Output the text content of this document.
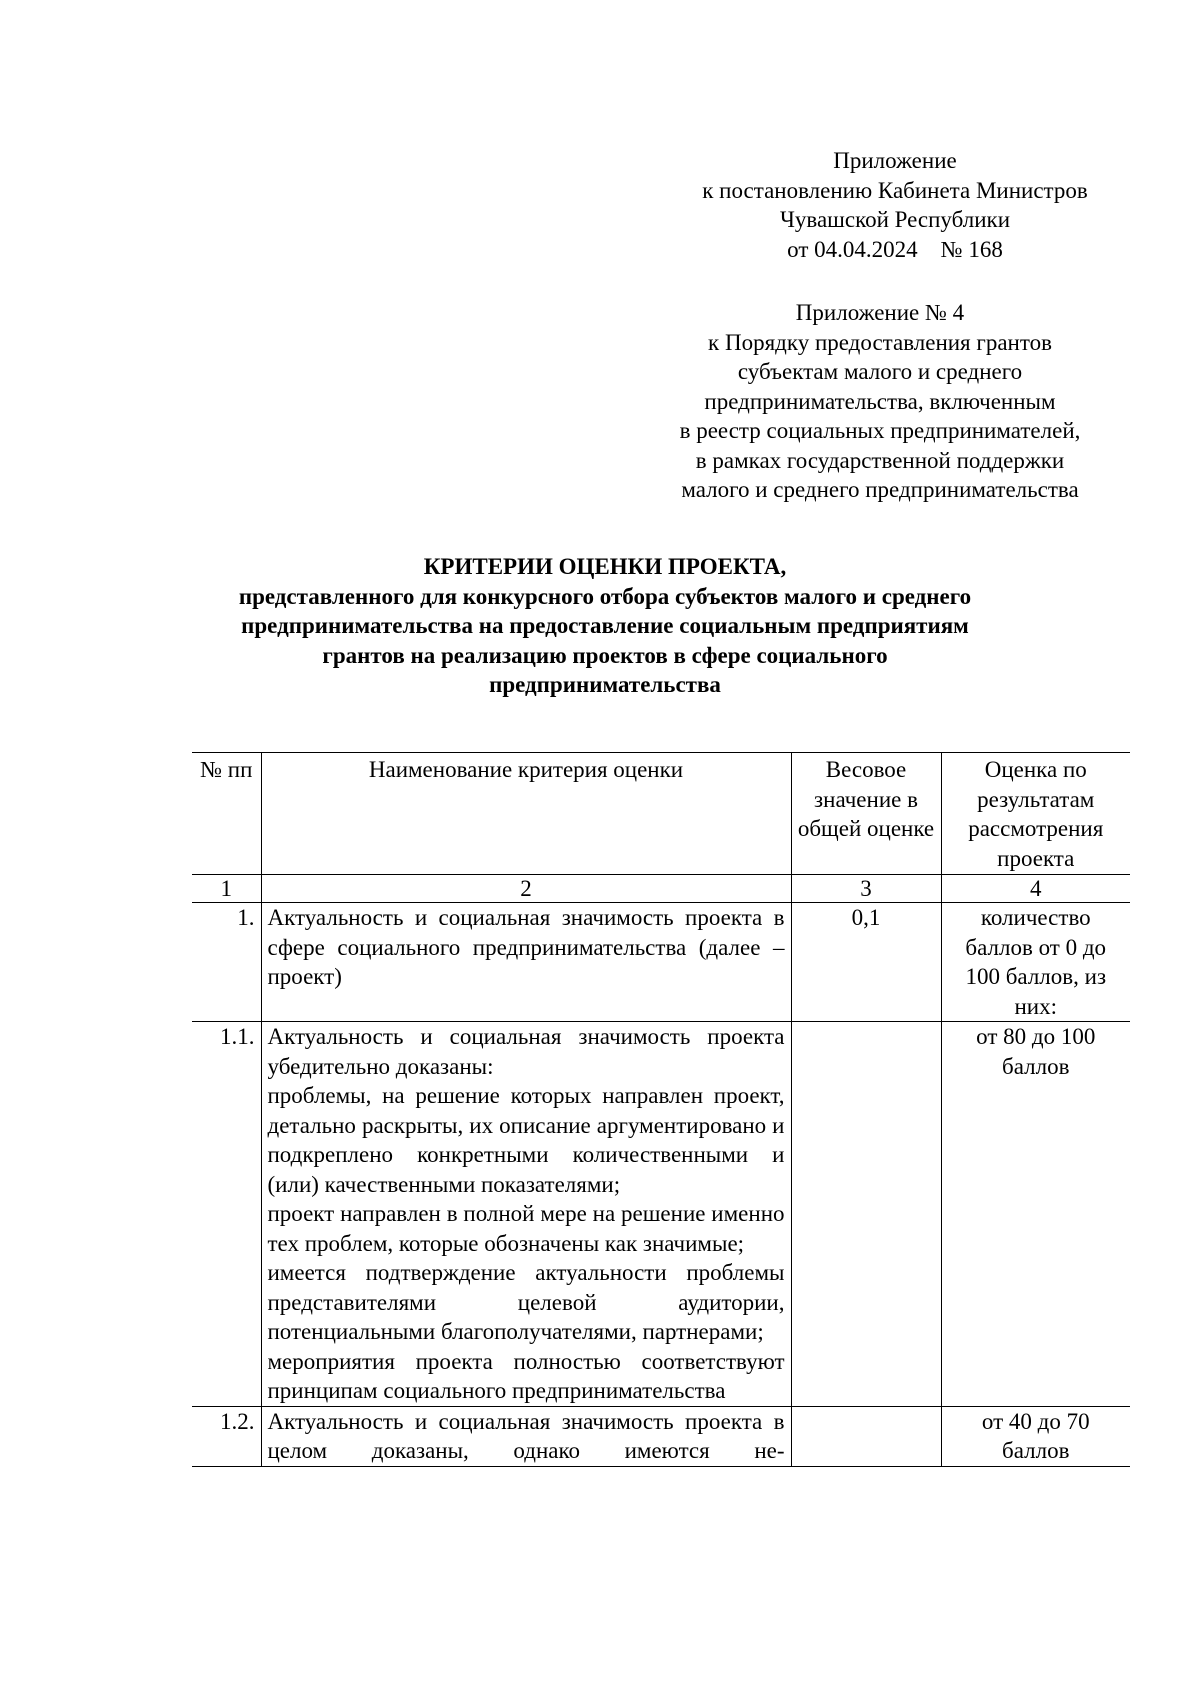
Приложение
к постановлению Кабинета Министров
Чувашской Республики
от 04.04.2024    № 168
Приложение № 4
к Порядку предоставления грантов
субъектам малого и среднего
предпринимательства, включенным
в реестр социальных предпринимателей,
в рамках государственной поддержки
малого и среднего предпринимательства
КРИТЕРИИ ОЦЕНКИ ПРОЕКТА,
представленного для конкурсного отбора субъектов малого и среднего
предпринимательства на предоставление социальным предприятиям
грантов на реализацию проектов в сфере социального
предпринимательства
№ пп	Наименование критерия оценки	Весовое значение в общей оценке	Оценка по результатам рассмотрения проекта
1	2	3	4
1.	Актуальность и социальная значимость проекта в сфере социального предпринимательства (далее – проект)	0,1	количество баллов от 0 до 100 баллов, из них:
1.1.	Актуальность и социальная значимость проекта убедительно доказаны:
проблемы, на решение которых направлен проект, детально раскрыты, их описание аргументировано и подкреплено конкретными количественными и (или) качественными показателями;
проект направлен в полной мере на решение именно тех проблем, которые обозначены как значимые;
имеется подтверждение актуальности проблемы представителями целевой аудитории, потенциальными благополучателями, партнерами;
мероприятия проекта полностью соответствуют принципам социального предпринимательства		от 80 до 100 баллов
1.2.	Актуальность и социальная значимость проекта в целом доказаны, однако имеются не-		от 40 до 70 баллов
